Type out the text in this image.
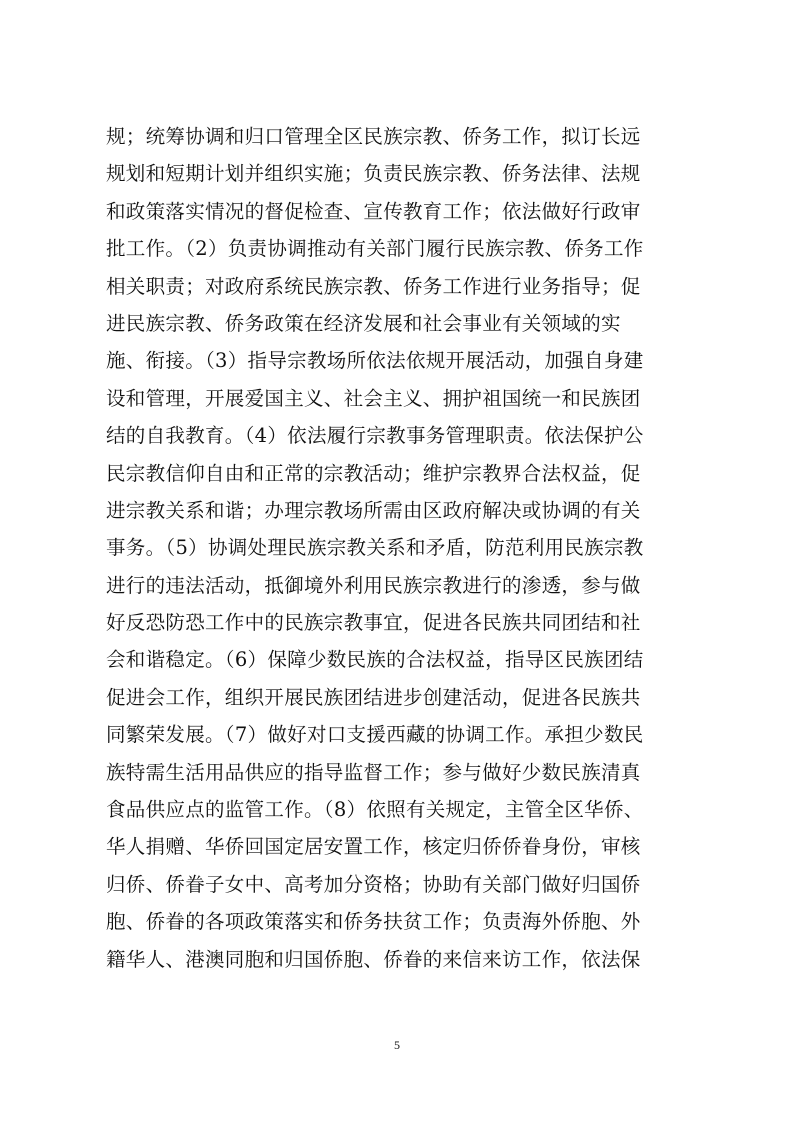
规；统筹协调和归口管理全区民族宗教、侨务工作，拟订长远
规划和短期计划并组织实施；负责民族宗教、侨务法律、法规
和政策落实情况的督促检查、宣传教育工作；依法做好行政审
批工作。（2）负责协调推动有关部门履行民族宗教、侨务工作
相关职责；对政府系统民族宗教、侨务工作进行业务指导；促
进民族宗教、侨务政策在经济发展和社会事业有关领域的实
施、衔接。（3）指导宗教场所依法依规开展活动，加强自身建
设和管理，开展爱国主义、社会主义、拥护祖国统一和民族团
结的自我教育。（4）依法履行宗教事务管理职责。依法保护公
民宗教信仰自由和正常的宗教活动；维护宗教界合法权益，促
进宗教关系和谐；办理宗教场所需由区政府解决或协调的有关
事务。（5）协调处理民族宗教关系和矛盾，防范利用民族宗教
进行的违法活动，抵御境外利用民族宗教进行的渗透，参与做
好反恐防恐工作中的民族宗教事宜，促进各民族共同团结和社
会和谐稳定。（6）保障少数民族的合法权益，指导区民族团结
促进会工作，组织开展民族团结进步创建活动，促进各民族共
同繁荣发展。（7）做好对口支援西藏的协调工作。承担少数民
族特需生活用品供应的指导监督工作；参与做好少数民族清真
食品供应点的监管工作。（8）依照有关规定，主管全区华侨、
华人捐赠、华侨回国定居安置工作，核定归侨侨眷身份，审核
归侨、侨眷子女中、高考加分资格；协助有关部门做好归国侨
胞、侨眷的各项政策落实和侨务扶贫工作；负责海外侨胞、外
籍华人、港澳同胞和归国侨胞、侨眷的来信来访工作，依法保
5
